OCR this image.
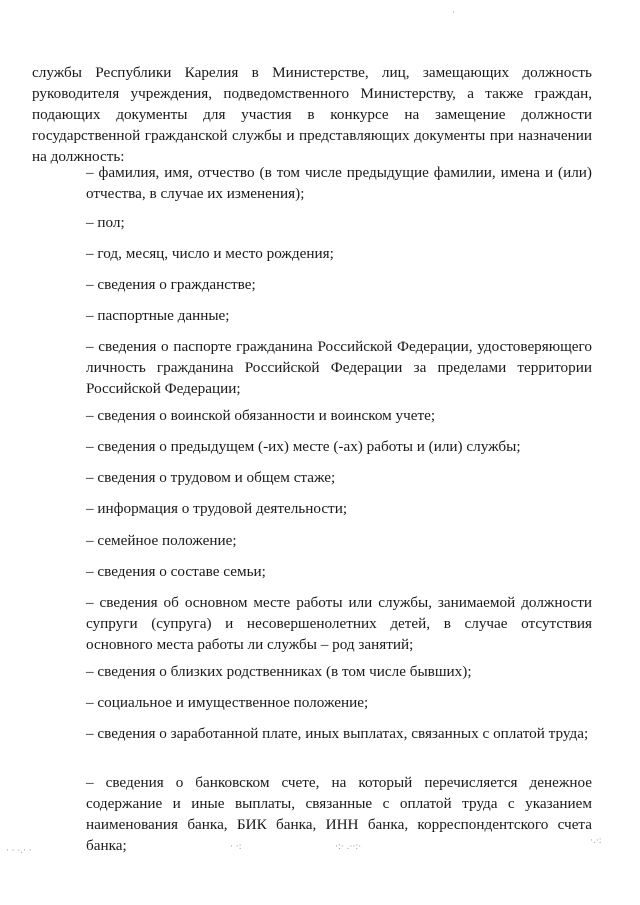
службы Республики Карелия в Министерстве, лиц, замещающих должность руководителя учреждения, подведомственного Министерству, а также граждан, подающих документы для участия в конкурсе на замещение должности государственной гражданской службы и представляющих документы при назначении на должность:

– фамилия, имя, отчество (в том числе предыдущие фамилии, имена и (или) отчества, в случае их изменения);

– пол;

– год, месяц, число и место рождения;

– сведения о гражданстве;

– паспортные данные;

– сведения о паспорте гражданина Российской Федерации, удостоверяющего личность гражданина Российской Федерации за пределами территории Российской Федерации;

– сведения о воинской обязанности и воинском учете;

– сведения о предыдущем (-их) месте (-ах) работы и (или) службы;

– сведения о трудовом и общем стаже;

– информация о трудовой деятельности;

– семейное положение;

– сведения о составе семьи;

– сведения об основном месте работы или службы, занимаемой должности супруги (супруга) и несовершенолетних детей, в случае отсутствия основного места работы ли службы – род занятий;

– сведения о близких родственниках (в том числе бывших);

– социальное и имущественное положение;

– сведения о заработанной плате, иных выплатах, связанных с оплатой труда;

– сведения о банковском счете, на который перечисляется денежное содержание и иные выплаты, связанные с оплатой труда с указанием наименования банка, БИК банка, ИНН банка, корреспондентского счета банка;

· · ·.· ·	· ·:	·:· .··:·
·.·:
·
